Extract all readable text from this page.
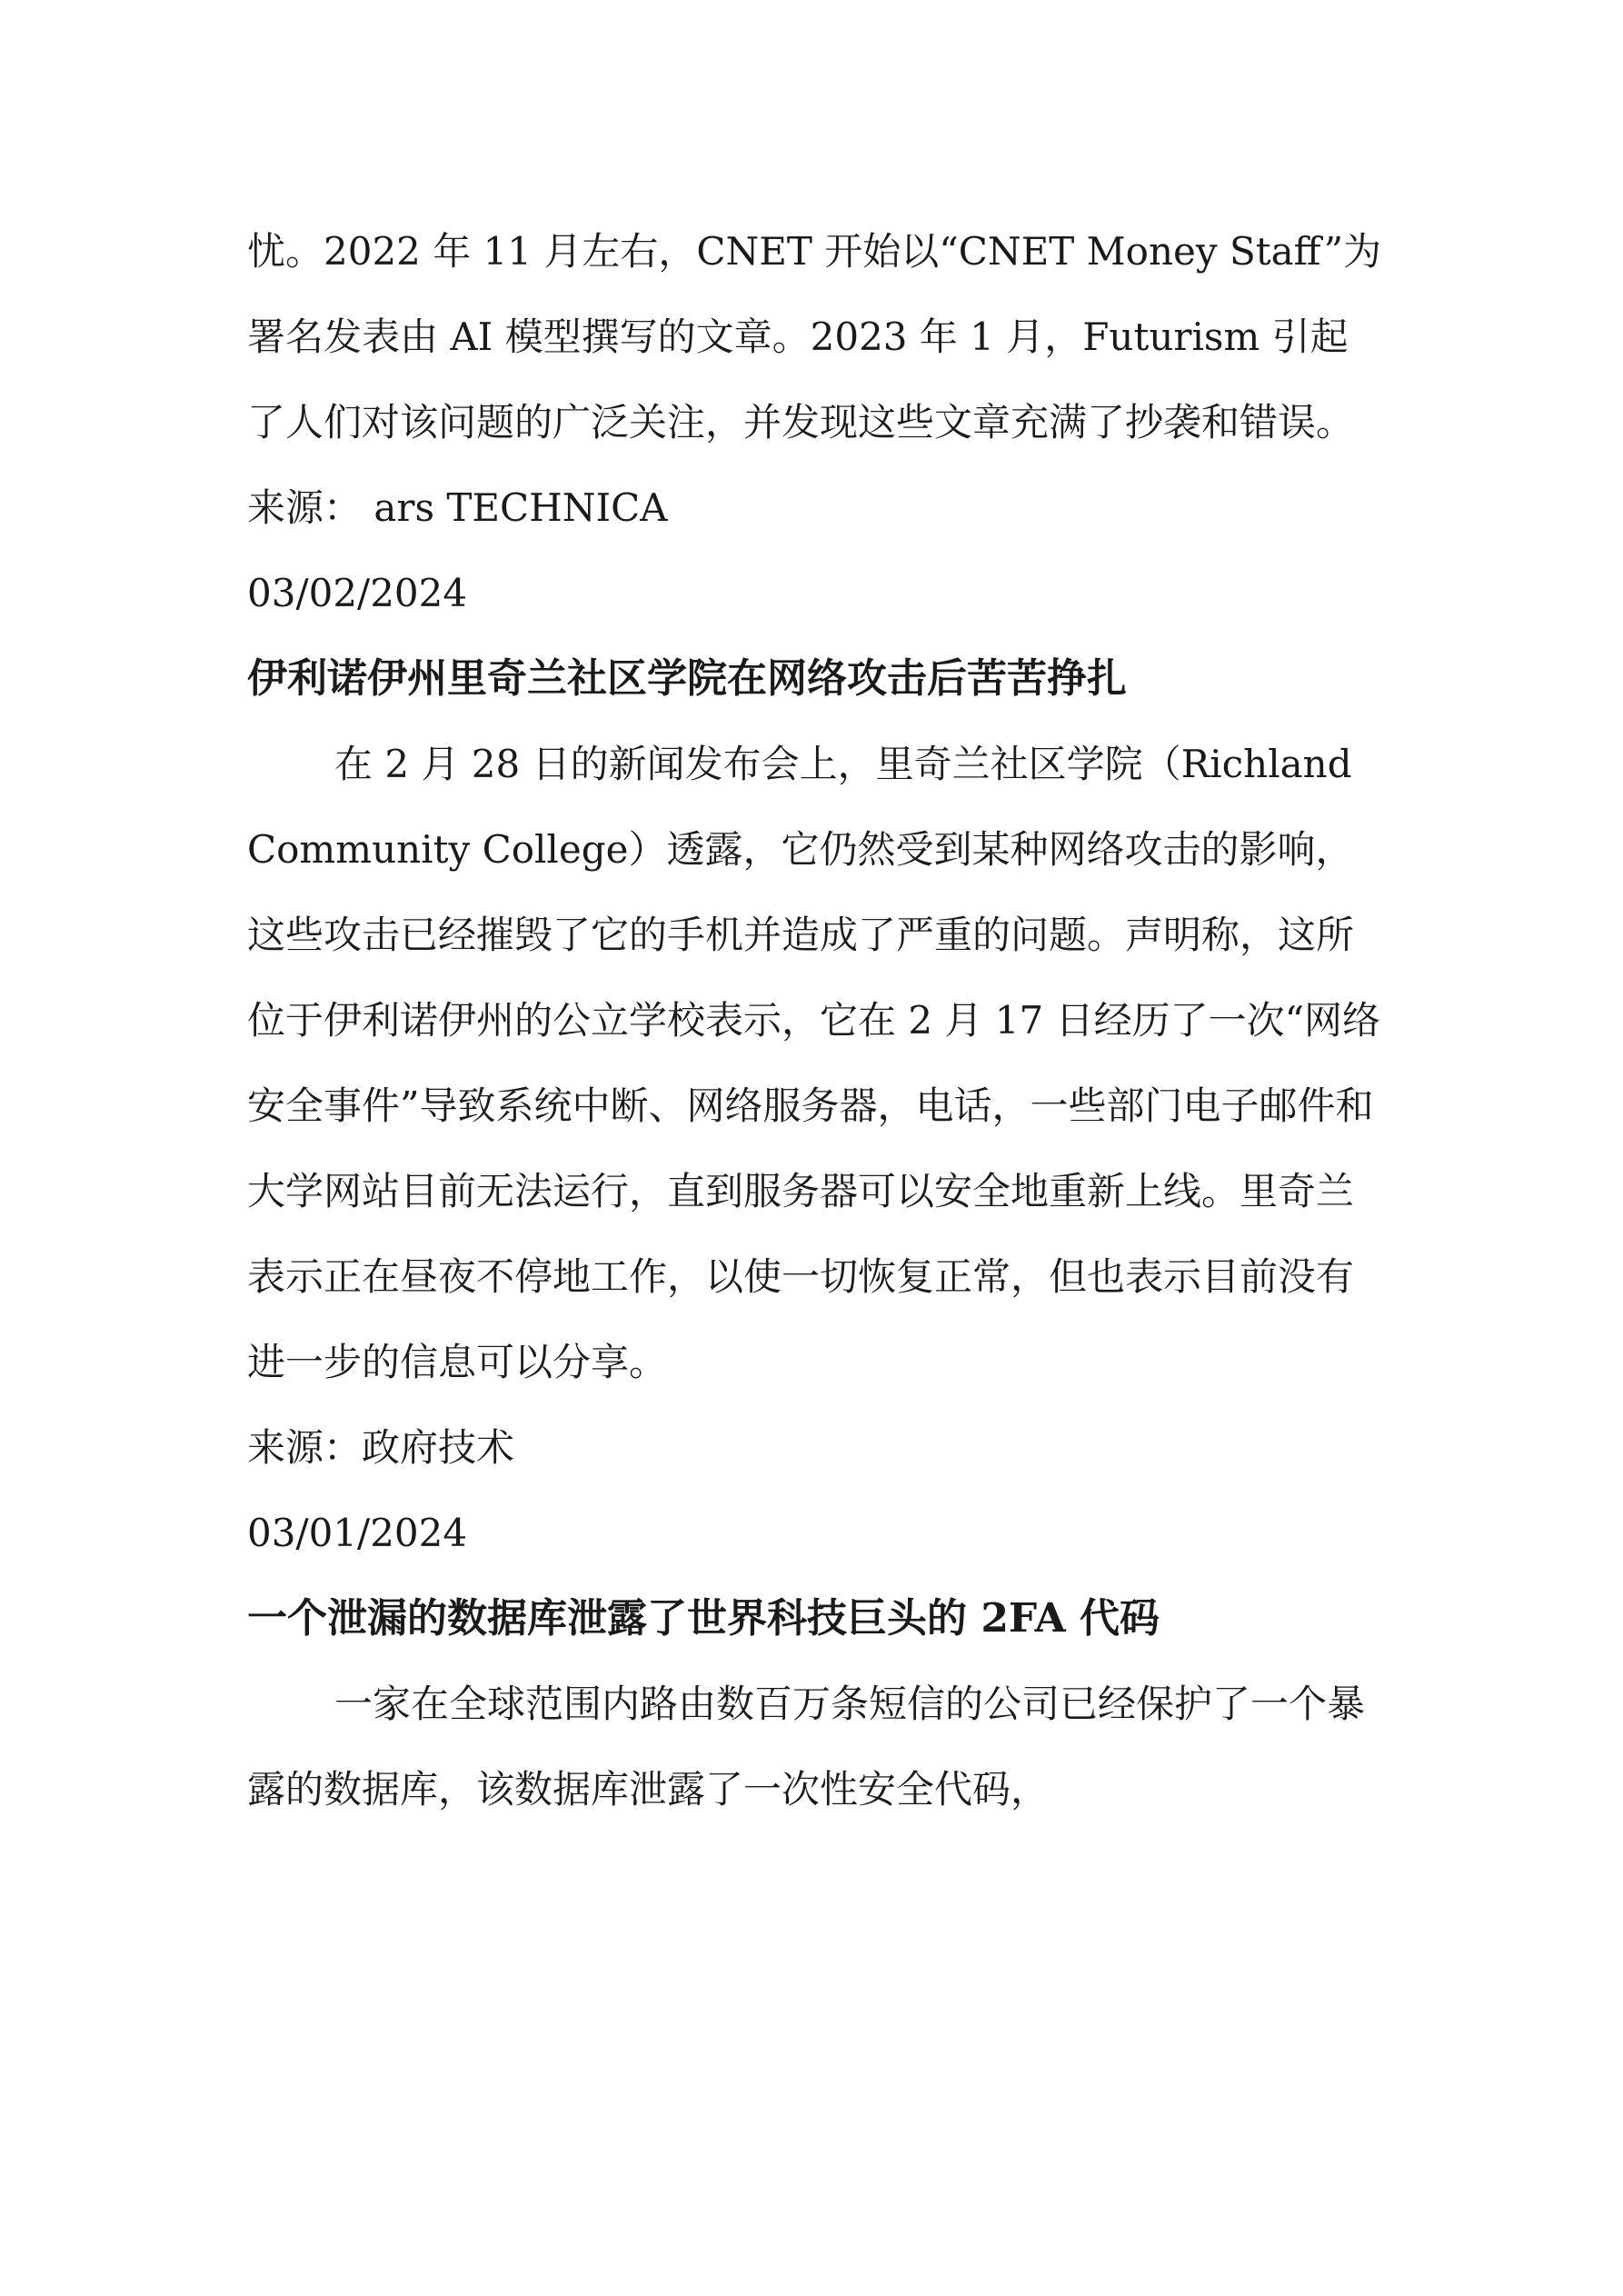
忧。2022 年 11 月左右，CNET 开始以“CNET Money Staff”为署名发表由 AI 模型撰写的文章。2023 年 1 月，Futurism 引起了人们对该问题的广泛关注，并发现这些文章充满了抄袭和错误。

来源： ars TECHNICA

03/02/2024

伊利诺伊州里奇兰社区学院在网络攻击后苦苦挣扎

在 2 月 28 日的新闻发布会上，里奇兰社区学院（Richland Community College）透露，它仍然受到某种网络攻击的影响，这些攻击已经摧毁了它的手机并造成了严重的问题。声明称，这所位于伊利诺伊州的公立学校表示，它在 2 月 17 日经历了一次“网络安全事件”导致系统中断、网络服务器，电话，一些部门电子邮件和大学网站目前无法运行，直到服务器可以安全地重新上线。里奇兰表示正在昼夜不停地工作，以使一切恢复正常，但也表示目前没有进一步的信息可以分享。

来源：政府技术

03/01/2024

一个泄漏的数据库泄露了世界科技巨头的 2FA 代码

一家在全球范围内路由数百万条短信的公司已经保护了一个暴露的数据库，该数据库泄露了一次性安全代码，
